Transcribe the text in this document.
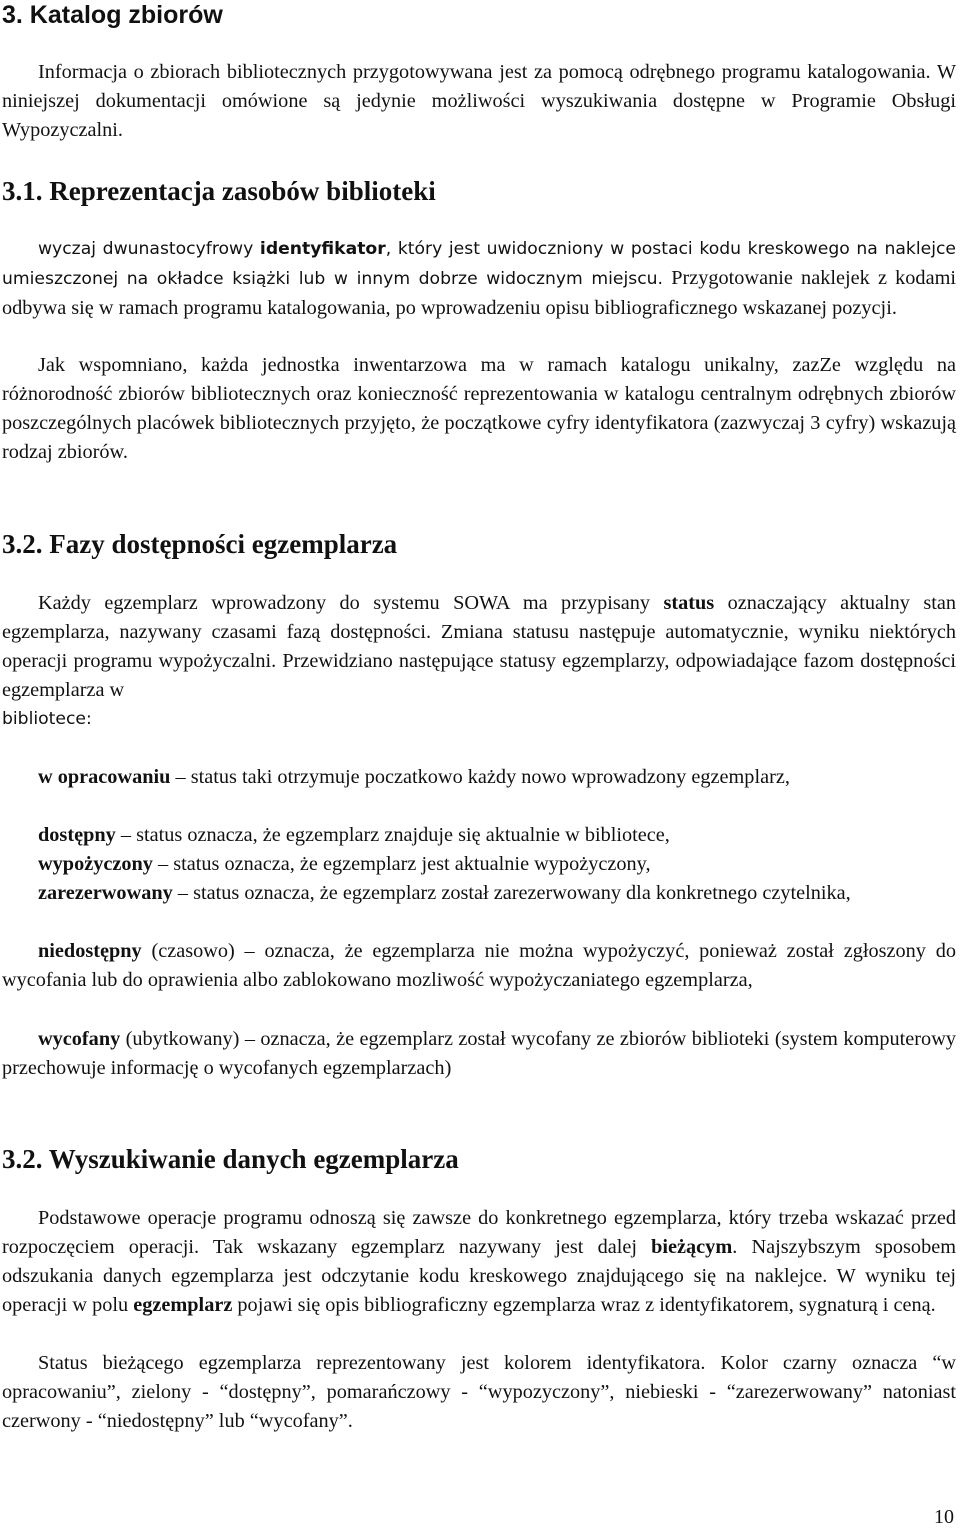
3. Katalog zbiorów

Informacja o zbiorach bibliotecznych przygotowywana jest za pomocą odrębnego programu katalogowania. W niniejszej dokumentacji omówione są jedynie możliwości wyszukiwania dostępne w Programie Obsługi Wypozyczalni.

3.1. Reprezentacja zasobów biblioteki

wyczaj dwunastocyfrowy identyfikator, który jest uwidoczniony w postaci kodu kreskowego na naklejce umieszczonej na okładce książki lub w innym dobrze widocznym miejscu. Przygotowanie naklejek z kodami odbywa się w ramach programu katalogowania, po wprowadzeniu opisu bibliograficznego wskazanej pozycji.

Jak wspomniano, każda jednostka inwentarzowa ma w ramach katalogu unikalny, zazZe względu na różnorodność zbiorów bibliotecznych oraz konieczność reprezentowania w katalogu centralnym odrębnych zbiorów poszczególnych placówek bibliotecznych przyjęto, że początkowe cyfry identyfikatora (zazwyczaj 3 cyfry) wskazują rodzaj zbiorów.

3.2. Fazy dostępności egzemplarza

Każdy egzemplarz wprowadzony do systemu SOWA ma przypisany status oznaczający aktualny stan egzemplarza, nazywany czasami fazą dostępności. Zmiana statusu następuje automatycznie, wyniku niektórych operacji programu wypożyczalni. Przewidziano następujące statusy egzemplarzy, odpowiadające fazom dostępności egzemplarza w

bibliotece:

w opracowaniu – status taki otrzymuje poczatkowo każdy nowo wprowadzony egzemplarz,

dostępny – status oznacza, że egzemplarz znajduje się aktualnie w bibliotece,

wypożyczony – status oznacza, że egzemplarz jest aktualnie wypożyczony,

zarezerwowany – status oznacza, że egzemplarz został zarezerwowany dla konkretnego czytelnika,

niedostępny (czasowo) – oznacza, że egzemplarza nie można wypożyczyć, ponieważ został zgłoszony do wycofania lub do oprawienia albo zablokowano mozliwość wypożyczaniatego egzemplarza,

wycofany (ubytkowany) – oznacza, że egzemplarz został wycofany ze zbiorów biblioteki (system komputerowy przechowuje informację o wycofanych egzemplarzach)

3.2. Wyszukiwanie danych egzemplarza

Podstawowe operacje programu odnoszą się zawsze do konkretnego egzemplarza, który trzeba wskazać przed rozpoczęciem operacji. Tak wskazany egzemplarz nazywany jest dalej bieżącym. Najszybszym sposobem odszukania danych egzemplarza jest odczytanie kodu kreskowego znajdującego się na naklejce. W wyniku tej operacji w polu egzemplarz pojawi się opis bibliograficzny egzemplarza wraz z identyfikatorem, sygnaturą i ceną.

Status bieżącego egzemplarza reprezentowany jest kolorem identyfikatora. Kolor czarny oznacza “w opracowaniu”, zielony - “dostępny”, pomarańczowy - “wypozyczony”, niebieski - “zarezerwowany” natoniast czerwony - “niedostępny” lub “wycofany”.

10
